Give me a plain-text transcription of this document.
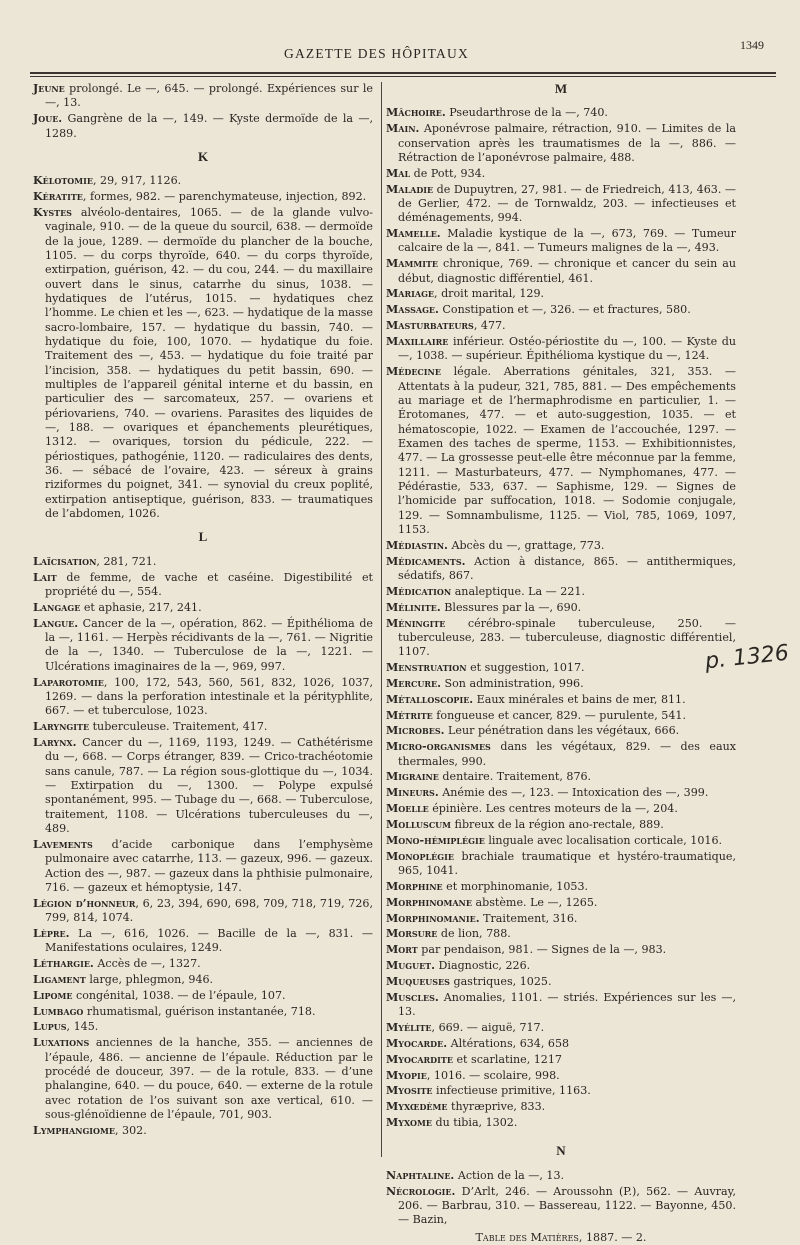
GAZETTE DES HÔPITAUX
1349
Jeune prolongé. Le —, 645. — prolongé. Expériences sur le —, 13.
Joue. Gangrène de la —, 149. — Kyste dermoïde de la —, 1289.
K
Kélotomie, 29, 917, 1126.
Kératite, formes, 982. — parenchymateuse, injection, 892.
Kystes alvéolo-dentaires, 1065. — de la glande vulvo-vaginale, 910. — de la queue du sourcil, 638. — dermoïde de la joue, 1289. — dermoïde du plancher de la bouche, 1105. — du corps thyroïde, 640. — du corps thyroïde, extirpation, guérison, 42. — du cou, 244. — du maxillaire ouvert dans le sinus, catarrhe du sinus, 1038. — hydatiques de l’utérus, 1015. — hydatiques chez l’homme. Le chien et les —, 623. — hydatique de la masse sacro-lombaire, 157. — hydatique du bassin, 740. — hydatique du foie, 100, 1070. — hydatique du foie. Traitement des —, 453. — hydatique du foie traité par l’incision, 358. — hydatiques du petit bassin, 690. — multiples de l’appareil génital interne et du bassin, en particulier des — sarcomateux, 257. — ovariens et périovariens, 740. — ovariens. Parasites des liquides de —, 188. — ovariques et épanchements pleurétiques, 1312. — ovariques, torsion du pédicule, 222. — périostiques, pathogénie, 1120. — radiculaires des dents, 36. — sébacé de l’ovaire, 423. — séreux à grains riziformes du poignet, 341. — synovial du creux poplité, extirpation antiseptique, guérison, 833. — traumatiques de l’abdomen, 1026.
L
Laïcisation, 281, 721.
Lait de femme, de vache et caséine. Digestibilité et propriété du —, 554.
Langage et aphasie, 217, 241.
Langue. Cancer de la —, opération, 862. — Épithélioma de la —, 1161. — Herpès récidivants de la —, 761. — Nigritie de la —, 1340. — Tuberculose de la —, 1221. — Ulcérations imaginaires de la —, 969, 997.
Laparotomie, 100, 172, 543, 560, 561, 832, 1026, 1037, 1269. — dans la perforation intestinale et la pérityphlite, 667. — et tuberculose, 1023.
Laryngite tuberculeuse. Traitement, 417.
Larynx. Cancer du —, 1169, 1193, 1249. — Cathétérisme du —, 668. — Corps étranger, 839. — Crico-trachéotomie sans canule, 787. — La région sous-glottique du —, 1034. — Extirpation du —, 1300. — Polype expulsé spontanément, 995. — Tubage du —, 668. — Tuberculose, traitement, 1108. — Ulcérations tuberculeuses du —, 489.
Lavements d’acide carbonique dans l’emphysème pulmonaire avec catarrhe, 113. — gazeux, 996. — gazeux. Action des —, 987. — gazeux dans la phthisie pulmonaire, 716. — gazeux et hémoptysie, 147.
Légion d’honneur, 6, 23, 394, 690, 698, 709, 718, 719, 726, 799, 814, 1074.
Lèpre. La —, 616, 1026. — Bacille de la —, 831. — Manifestations oculaires, 1249.
Léthargie. Accès de —, 1327.
Ligament large, phlegmon, 946.
Lipome congénital, 1038. — de l’épaule, 107.
Lumbago rhumatismal, guérison instantanée, 718.
Lupus, 145.
Luxations anciennes de la hanche, 355. — anciennes de l’épaule, 486. — ancienne de l’épaule. Réduction par le procédé de douceur, 397. — de la rotule, 833. — d’une phalangine, 640. — du pouce, 640. — externe de la rotule avec rotation de l’os suivant son axe vertical, 610. — sous-glénoïdienne de l’épaule, 701, 903.
Lymphangiome, 302.
M
Mâchoire. Pseudarthrose de la —, 740.
Main. Aponévrose palmaire, rétraction, 910. — Limites de la conservation après les traumatismes de la —, 886. — Rétraction de l’aponévrose palmaire, 488.
Mal de Pott, 934.
Maladie de Dupuytren, 27, 981. — de Friedreich, 413, 463. — de Gerlier, 472. — de Tornwaldz, 203. — infectieuses et déménagements, 994.
Mamelle. Maladie kystique de la —, 673, 769. — Tumeur calcaire de la —, 841. — Tumeurs malignes de la —, 493.
Mammite chronique, 769. — chronique et cancer du sein au début, diagnostic différentiel, 461.
Mariage, droit marital, 129.
Massage. Constipation et —, 326. — et fractures, 580.
Masturbateurs, 477.
Maxillaire inférieur. Ostéo-périostite du —, 100. — Kyste du —, 1038. — supérieur. Épithélioma kystique du —, 124.
Médecine légale. Aberrations génitales, 321, 353. — Attentats à la pudeur, 321, 785, 881. — Des empêchements au mariage et de l’hermaphrodisme en particulier, 1. — Érotomanes, 477. — et auto-suggestion, 1035. — et hématoscopie, 1022. — Examen de l’accouchée, 1297. — Examen des taches de sperme, 1153. — Exhibitionnistes, 477. — La grossesse peut-elle être méconnue par la femme, 1211. — Masturbateurs, 477. — Nymphomanes, 477. — Pédérastie, 533, 637. — Saphisme, 129. — Signes de l’homicide par suffocation, 1018. — Sodomie conjugale, 129. — Somnambulisme, 1125. — Viol, 785, 1069, 1097, 1153.
Médiastin. Abcès du —, grattage, 773.
Médicaments. Action à distance, 865. — antithermiques, sédatifs, 867.
Médication analeptique. La — 221.
Mélinite. Blessures par la —, 690.
Méningite cérébro-spinale tuberculeuse, 250. — tuberculeuse, 283. — tuberculeuse, diagnostic différentiel, 1107.
Menstruation et suggestion, 1017.
Mercure. Son administration, 996.
Métalloscopie. Eaux minérales et bains de mer, 811.
Métrite fongueuse et cancer, 829. — purulente, 541.
Microbes. Leur pénétration dans les végétaux, 666.
Micro-organismes dans les végétaux, 829. — des eaux thermales, 990.
Migraine dentaire. Traitement, 876.
Mineurs. Anémie des —, 123. — Intoxication des —, 399.
Moelle épinière. Les centres moteurs de la —, 204.
Molluscum fibreux de la région ano-rectale, 889.
Mono-hémiplégie linguale avec localisation corticale, 1016.
Monoplégie brachiale traumatique et hystéro-traumatique, 965, 1041.
Morphine et morphinomanie, 1053.
Morphinomane abstème. Le —, 1265.
Morphinomanie. Traitement, 316.
Morsure de lion, 788.
Mort par pendaison, 981. — Signes de la —, 983.
Muguet. Diagnostic, 226.
Muqueuses gastriques, 1025.
Muscles. Anomalies, 1101. — striés. Expériences sur les —, 13.
Myélite, 669. — aiguë, 717.
Myocarde. Altérations, 634, 658
Myocardite et scarlatine, 1217
Myopie, 1016. — scolaire, 998.
Myosite infectieuse primitive, 1163.
Myxœdème thyræprive, 833.
Myxome du tibia, 1302.
N
Naphtaline. Action de la —, 13.
Nécrologie. D’Arlt, 246. — Aroussohn (P.), 562. — Auvray, 206. — Barbrau, 310. — Bassereau, 1122. — Bayonne, 450. — Bazin,
Table des Matières, 1887. — 2.
p. 1326
